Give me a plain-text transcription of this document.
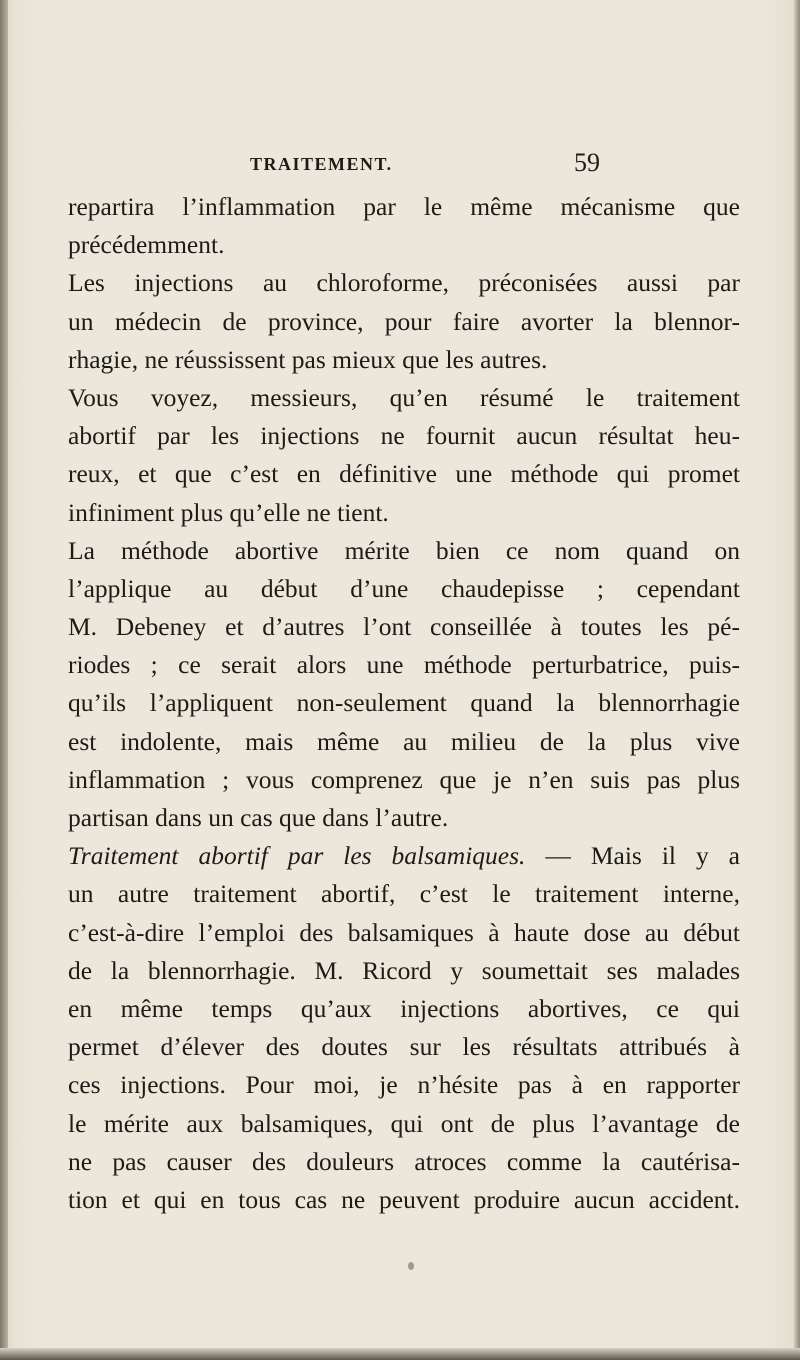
TRAITEMENT.	59
repartira l’inflammation par le même mécanisme que
précédemment.
Les injections au chloroforme, préconisées aussi par
un médecin de province, pour faire avorter la blennor-
rhagie, ne réussissent pas mieux que les autres.
Vous voyez, messieurs, qu’en résumé le traitement
abortif par les injections ne fournit aucun résultat heu-
reux, et que c’est en définitive une méthode qui promet
infiniment plus qu’elle ne tient.
La méthode abortive mérite bien ce nom quand on
l’applique au début d’une chaudepisse ; cependant
M. Debeney et d’autres l’ont conseillée à toutes les pé-
riodes ; ce serait alors une méthode perturbatrice, puis-
qu’ils l’appliquent non-seulement quand la blennorrhagie
est indolente, mais même au milieu de la plus vive
inflammation ; vous comprenez que je n’en suis pas plus
partisan dans un cas que dans l’autre.
Traitement abortif par les balsamiques. — Mais il y a
un autre traitement abortif, c’est le traitement interne,
c’est-à-dire l’emploi des balsamiques à haute dose au début
de la blennorrhagie. M. Ricord y soumettait ses malades
en même temps qu’aux injections abortives, ce qui
permet d’élever des doutes sur les résultats attribués à
ces injections. Pour moi, je n’hésite pas à en rapporter
le mérite aux balsamiques, qui ont de plus l’avantage de
ne pas causer des douleurs atroces comme la cautérisa-
tion et qui en tous cas ne peuvent produire aucun accident.
